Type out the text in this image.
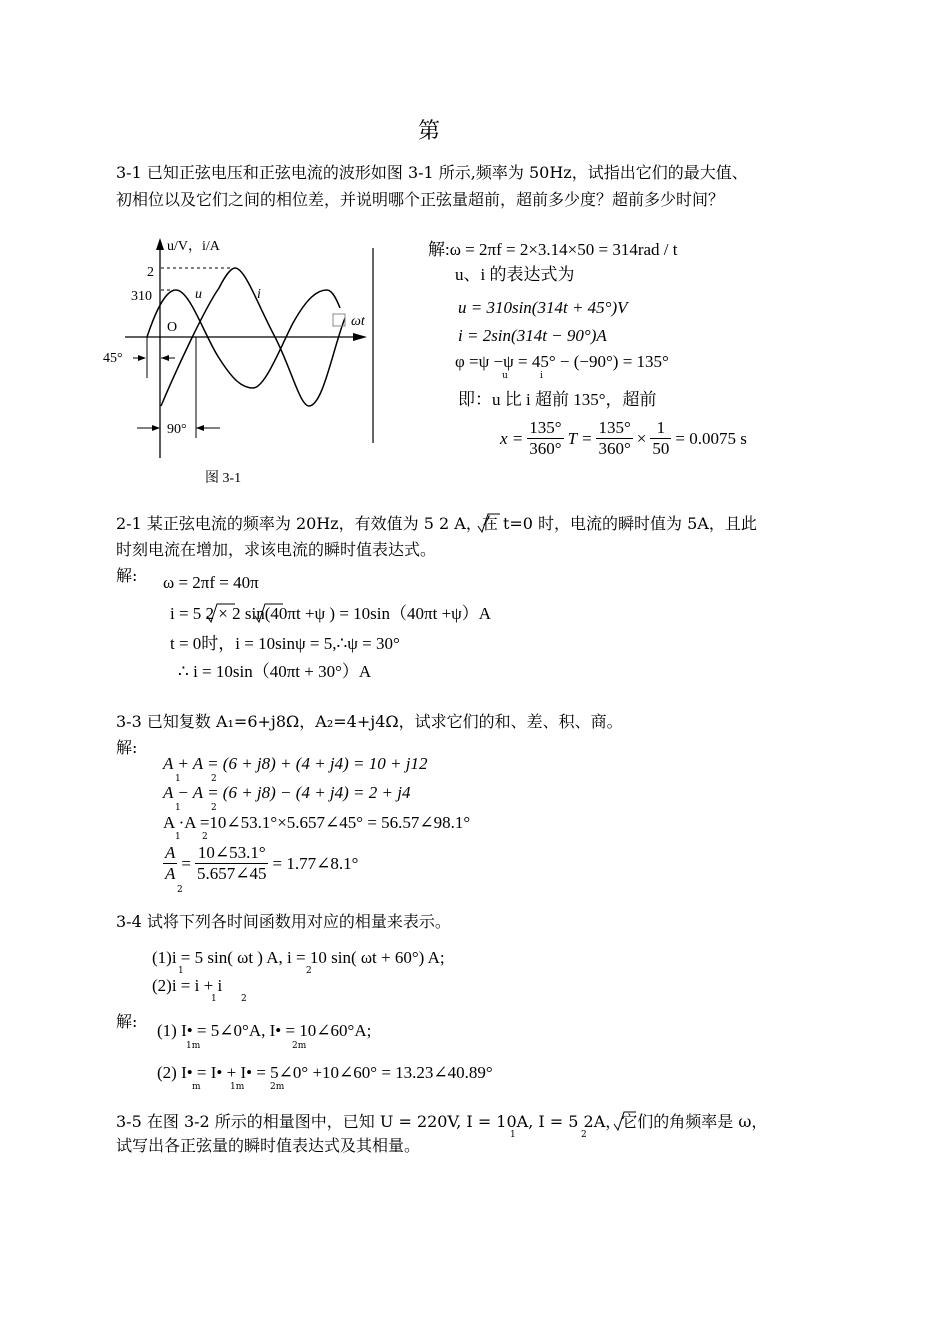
第
3-1 已知正弦电压和正弦电流的波形如图 3-1 所示,频率为 50Hz，试指出它们的最大值、
初相位以及它们之间的相位差，并说明哪个正弦量超前，超前多少度？超前多少时间？
u/V，i/A
2
310
O
u	i
ωt
45°
90°
图 3-1
解:ω = 2πf = 2×3.14×50 = 314rad / t
u、i 的表达式为
u = 310sin(314t + 45°)V
i = 2sin(314t − 90°)A
φ =ψ −ψ = 45° − (−90°) = 135°
u	i
即：u 比 i 超前 135°，超前
$x = \frac{135^\circ}{360^\circ}$ $T = \frac{135^\circ}{360^\circ} \times \frac{1}{50} = 0.0075$ s
2-1 某正弦电流的频率为 20Hz，有效值为 5 2 A，在 t=0 时，电流的瞬时值为 5A，且此
时刻电流在增加，求该电流的瞬时值表达式。
解: ω = 2πf = 40π
i = 5 2 × 2 sin(40πt +ψ ) = 10sin（40πt +ψ）A
t = 0时，i = 10sinψ = 5,∴ψ = 30°
∴ i = 10sin（40πt + 30°）A
3-3 已知复数 A₁=6+j8Ω，A₂=4+j4Ω，试求它们的和、差、积、商。
解:
A + A = (6 + j8) + (4 + j4) = 10 + j12
A − A = (6 + j8) − (4 + j4) = 2 + j4
A ·A =10∠53.1°×5.657∠45° = 56.57∠98.1°
1	2
1	2
1 2
$\frac{A}{A} = \frac{10\angle 53.1^\circ}{5.657\angle 45}$ = 1.77∠8.1°
2
3-4 试将下列各时间函数用对应的相量来表示。
(1)i = 5 sin( ωt ) A, i = 10 sin( ωt + 60°) A;
1	2
(2)i = i + i
1	2
解: (1) I• = 5∠0°A, I• = 10∠60°A;
1m	2m
(2) I• = I• + I• = 5∠0° +10∠60° = 13.23∠40.89°
m	1m	2m
3-5 在图 3-2 所示的相量图中，已知 U = 220V, I = 10A, I = 5 2A，它们的角频率是 ω，
1	2
试写出各正弦量的瞬时值表达式及其相量。
